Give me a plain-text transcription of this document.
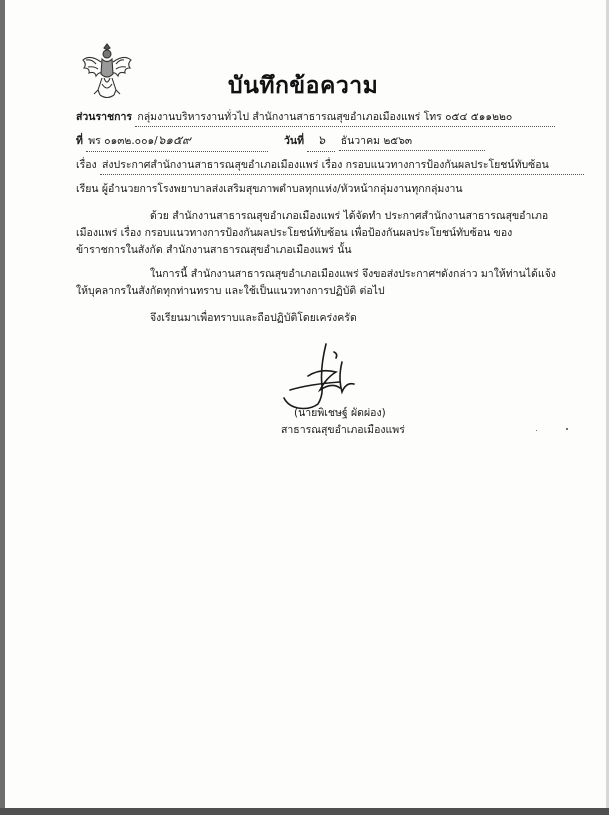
บันทึกข้อความ
ส่วนราชการ กลุ่มงานบริหารงานทั่วไป สำนักงานสาธารณสุขอำเภอเมืองแพร่ โทร ๐๕๔ ๕๑๑๒๒๐
ที่ พร ๐๑๓๒.๐๐๑/๖๑๕๙	วันที่ ๖ ธันวาคม ๒๕๖๓
เรื่อง ส่งประกาศสำนักงานสาธารณสุขอำเภอเมืองแพร่ เรื่อง กรอบแนวทางการป้องกันผลประโยชน์ทับซ้อน
เรียน ผู้อำนวยการโรงพยาบาลส่งเสริมสุขภาพตำบลทุกแห่ง/หัวหน้ากลุ่มงานทุกกลุ่มงาน
ด้วย สำนักงานสาธารณสุขอำเภอเมืองแพร่ ได้จัดทำ ประกาศสำนักงานสาธารณสุขอำเภอ
เมืองแพร่ เรื่อง กรอบแนวทางการป้องกันผลประโยชน์ทับซ้อน เพื่อป้องกันผลประโยชน์ทับซ้อน ของ
ข้าราชการในสังกัด สำนักงานสาธารณสุขอำเภอเมืองแพร่ นั้น
ในการนี้ สำนักงานสาธารณสุขอำเภอเมืองแพร่ จึงขอส่งประกาศฯดังกล่าว มาให้ท่านได้แจ้ง
ให้บุคลากรในสังกัดทุกท่านทราบ และใช้เป็นแนวทางการปฏิบัติ ต่อไป
จึงเรียนมาเพื่อทราบและถือปฏิบัติโดยเคร่งครัด
(นายพิเชษฐ์ ผัดผ่อง)
สาธารณสุขอำเภอเมืองแพร่
